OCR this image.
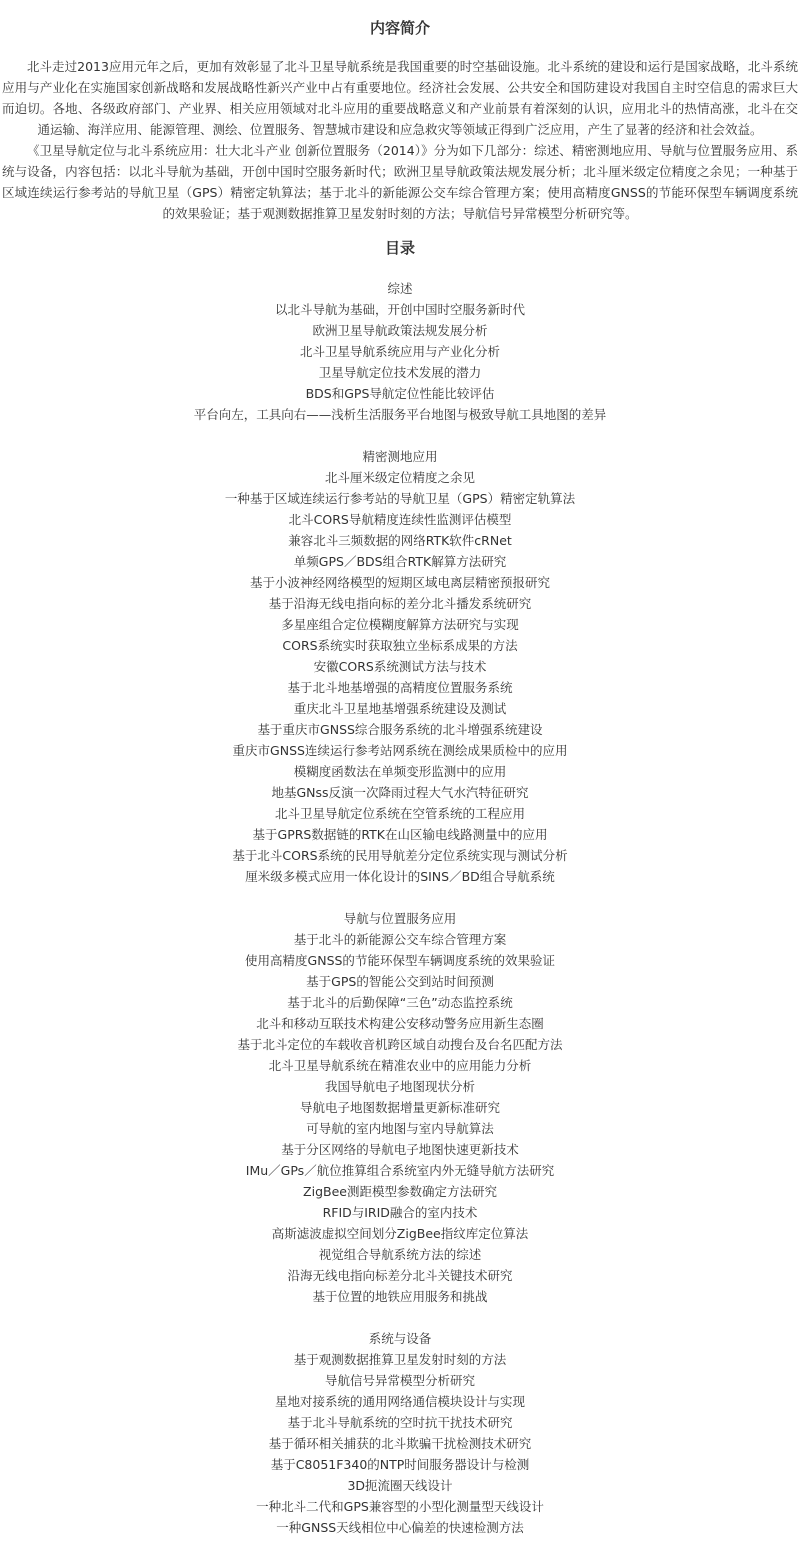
内容简介

北斗走过2013应用元年之后，更加有效彰显了北斗卫星导航系统是我国重要的时空基础设施。北斗系统的建设和运行是国家战略，北斗系统应用与产业化在实施国家创新战略和发展战略性新兴产业中占有重要地位。经济社会发展、公共安全和国防建设对我国自主时空信息的需求巨大而迫切。各地、各级政府部门、产业界、相关应用领域对北斗应用的重要战略意义和产业前景有着深刻的认识，应用北斗的热情高涨，北斗在交通运输、海洋应用、能源管理、测绘、位置服务、智慧城市建设和应急救灾等领域正得到广泛应用，产生了显著的经济和社会效益。

《卫星导航定位与北斗系统应用：壮大北斗产业 创新位置服务（2014）》分为如下几部分：综述、精密测地应用、导航与位置服务应用、系统与设备，内容包括：以北斗导航为基础，开创中国时空服务新时代；欧洲卫星导航政策法规发展分析；北斗厘米级定位精度之余见；一种基于区域连续运行参考站的导航卫星（GPS）精密定轨算法；基于北斗的新能源公交车综合管理方案；使用高精度GNSS的节能环保型车辆调度系统的效果验证；基于观测数据推算卫星发射时刻的方法；导航信号异常模型分析研究等。

目录
综述
以北斗导航为基础，开创中国时空服务新时代
欧洲卫星导航政策法规发展分析
北斗卫星导航系统应用与产业化分析
卫星导航定位技术发展的潜力
BDS和GPS导航定位性能比较评估
平台向左，工具向右——浅析生活服务平台地图与极致导航工具地图的差异
精密测地应用
北斗厘米级定位精度之余见
一种基于区域连续运行参考站的导航卫星（GPS）精密定轨算法
北斗CORS导航精度连续性监测评估模型
兼容北斗三频数据的网络RTK软件cRNet
单频GPS／BDS组合RTK解算方法研究
基于小波神经网络模型的短期区域电离层精密预报研究
基于沿海无线电指向标的差分北斗播发系统研究
多星座组合定位模糊度解算方法研究与实现
CORS系统实时获取独立坐标系成果的方法
安徽CORS系统测试方法与技术
基于北斗地基增强的高精度位置服务系统
重庆北斗卫星地基增强系统建设及测试
基于重庆市GNSS综合服务系统的北斗增强系统建设
重庆市GNSS连续运行参考站网系统在测绘成果质检中的应用
模糊度函数法在单频变形监测中的应用
地基GNss反演一次降雨过程大气水汽特征研究
北斗卫星导航定位系统在空管系统的工程应用
基于GPRS数据链的RTK在山区输电线路测量中的应用
基于北斗CORS系统的民用导航差分定位系统实现与测试分析
厘米级多模式应用一体化设计的SINS／BD组合导航系统
导航与位置服务应用
基于北斗的新能源公交车综合管理方案
使用高精度GNSS的节能环保型车辆调度系统的效果验证
基于GPS的智能公交到站时间预测
基于北斗的后勤保障“三色”动态监控系统
北斗和移动互联技术构建公安移动警务应用新生态圈
基于北斗定位的车载收音机跨区域自动搜台及台名匹配方法
北斗卫星导航系统在精准农业中的应用能力分析
我国导航电子地图现状分析
导航电子地图数据增量更新标准研究
可导航的室内地图与室内导航算法
基于分区网络的导航电子地图快速更新技术
IMu／GPs／航位推算组合系统室内外无缝导航方法研究
ZigBee测距模型参数确定方法研究
RFID与IRID融合的室内技术
高斯滤波虚拟空间划分ZigBee指纹库定位算法
视觉组合导航系统方法的综述
沿海无线电指向标差分北斗关键技术研究
基于位置的地铁应用服务和挑战
系统与设备
基于观测数据推算卫星发射时刻的方法
导航信号异常模型分析研究
星地对接系统的通用网络通信模块设计与实现
基于北斗导航系统的空时抗干扰技术研究
基于循环相关捕获的北斗欺骗干扰检测技术研究
基于C8051F340的NTP时间服务器设计与检测
3D扼流圈天线设计
一种北斗二代和GPS兼容型的小型化测量型天线设计
一种GNSS天线相位中心偏差的快速检测方法
